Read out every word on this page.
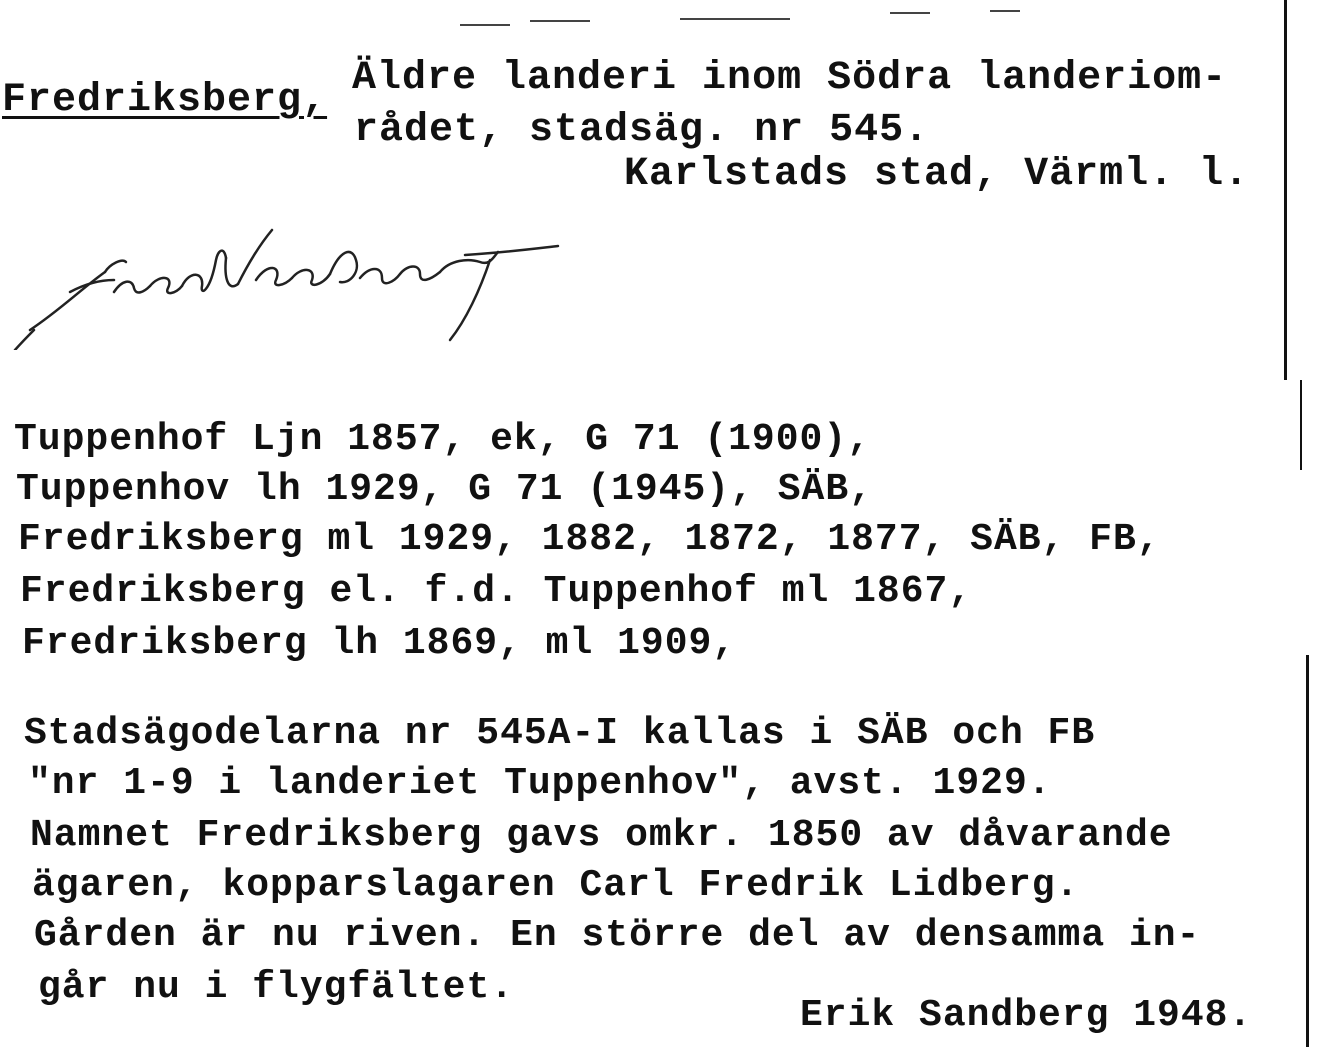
Fredriksberg, Äldre landeri inom Södra landeriom-
rådet, stadsäg. nr 545.
Karlstads stad, Värml. l.
Tuppenhof Ljn 1857, ek, G 71 (1900),
Tuppenhov lh 1929, G 71 (1945), SÄB,
Fredriksberg ml 1929, 1882, 1872, 1877, SÄB, FB,
Fredriksberg el. f.d. Tuppenhof ml 1867,
Fredriksberg lh 1869, ml 1909,
Stadsägodelarna nr 545A-I kallas i SÄB och FB
"nr 1-9 i landeriet Tuppenhov", avst. 1929.
Namnet Fredriksberg gavs omkr. 1850 av dåvarande
ägaren, kopparslagaren Carl Fredrik Lidberg.
Gården är nu riven. En större del av densamma in-
går nu i flygfältet.
Erik Sandberg 1948.
